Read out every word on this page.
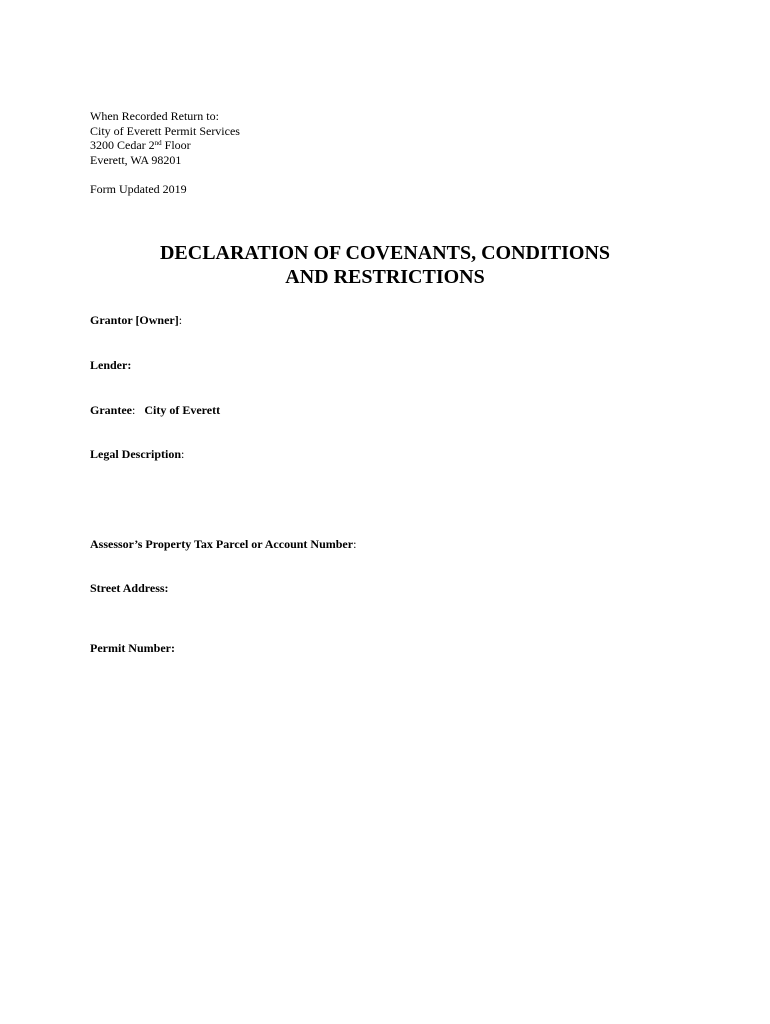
When Recorded Return to:
City of Everett Permit Services
3200 Cedar 2nd Floor
Everett, WA 98201
Form Updated 2019
DECLARATION OF COVENANTS, CONDITIONS
AND RESTRICTIONS
Grantor [Owner]:
Lender:
Grantee: City of Everett
Legal Description:
Assessor’s Property Tax Parcel or Account Number:
Street Address:
Permit Number:
